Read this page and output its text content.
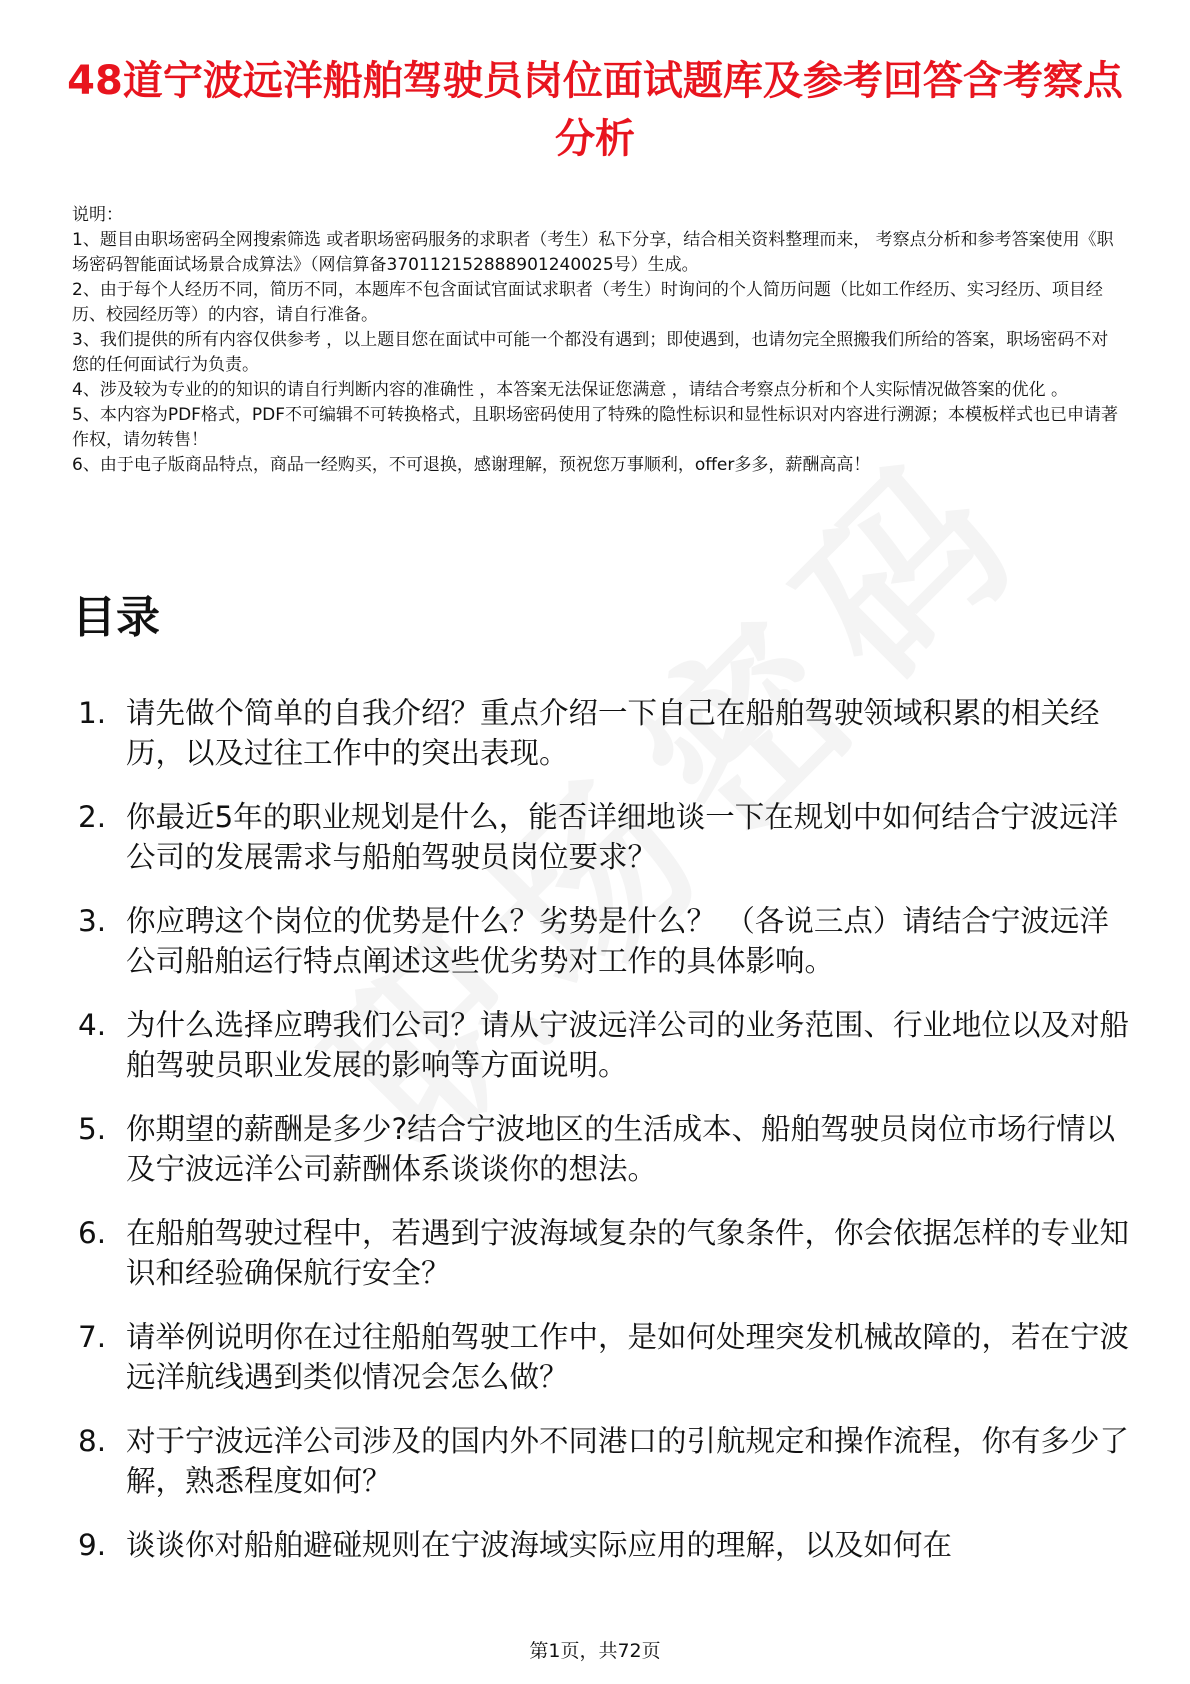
48道宁波远洋船舶驾驶员岗位面试题库及参考回答含考察点分析

说明：

1、题目由职场密码全网搜索筛选 或者职场密码服务的求职者（考生）私下分享，结合相关资料整理而来， 考察点分析和参考答案使用《职场密码智能面试场景合成算法》（网信算备370112152888901240025号）生成。

2、由于每个人经历不同，简历不同，本题库不包含面试官面试求职者（考生）时询问的个人简历问题（比如工作经历、实习经历、项目经历、校园经历等）的内容，请自行准备。

3、我们提供的所有内容仅供参考 ，以上题目您在面试中可能一个都没有遇到；即使遇到，也请勿完全照搬我们所给的答案，职场密码不对您的任何面试行为负责。

4、涉及较为专业的的知识的请自行判断内容的准确性 ，本答案无法保证您满意 ，请结合考察点分析和个人实际情况做答案的优化 。

5、本内容为PDF格式，PDF不可编辑不可转换格式，且职场密码使用了特殊的隐性标识和显性标识对内容进行溯源；本模板样式也已申请著作权，请勿转售！

6、由于电子版商品特点，商品一经购买，不可退换，感谢理解，预祝您万事顺利，offer多多，薪酬高高！

目录
1. 请先做个简单的自我介绍？重点介绍一下自己在船舶驾驶领域积累的相关经历，以及过往工作中的突出表现。
2. 你最近5年的职业规划是什么，能否详细地谈一下在规划中如何结合宁波远洋公司的发展需求与船舶驾驶员岗位要求？
3. 你应聘这个岗位的优势是什么？劣势是什么？ （各说三点）请结合宁波远洋公司船舶运行特点阐述这些优劣势对工作的具体影响。
4. 为什么选择应聘我们公司？请从宁波远洋公司的业务范围、行业地位以及对船舶驾驶员职业发展的影响等方面说明。
5. 你期望的薪酬是多少?结合宁波地区的生活成本、船舶驾驶员岗位市场行情以及宁波远洋公司薪酬体系谈谈你的想法。
6. 在船舶驾驶过程中，若遇到宁波海域复杂的气象条件，你会依据怎样的专业知识和经验确保航行安全？
7. 请举例说明你在过往船舶驾驶工作中，是如何处理突发机械故障的，若在宁波远洋航线遇到类似情况会怎么做？
8. 对于宁波远洋公司涉及的国内外不同港口的引航规定和操作流程，你有多少了解，熟悉程度如何？
9. 谈谈你对船舶避碰规则在宁波海域实际应用的理解，以及如何在
第1页，共72页
